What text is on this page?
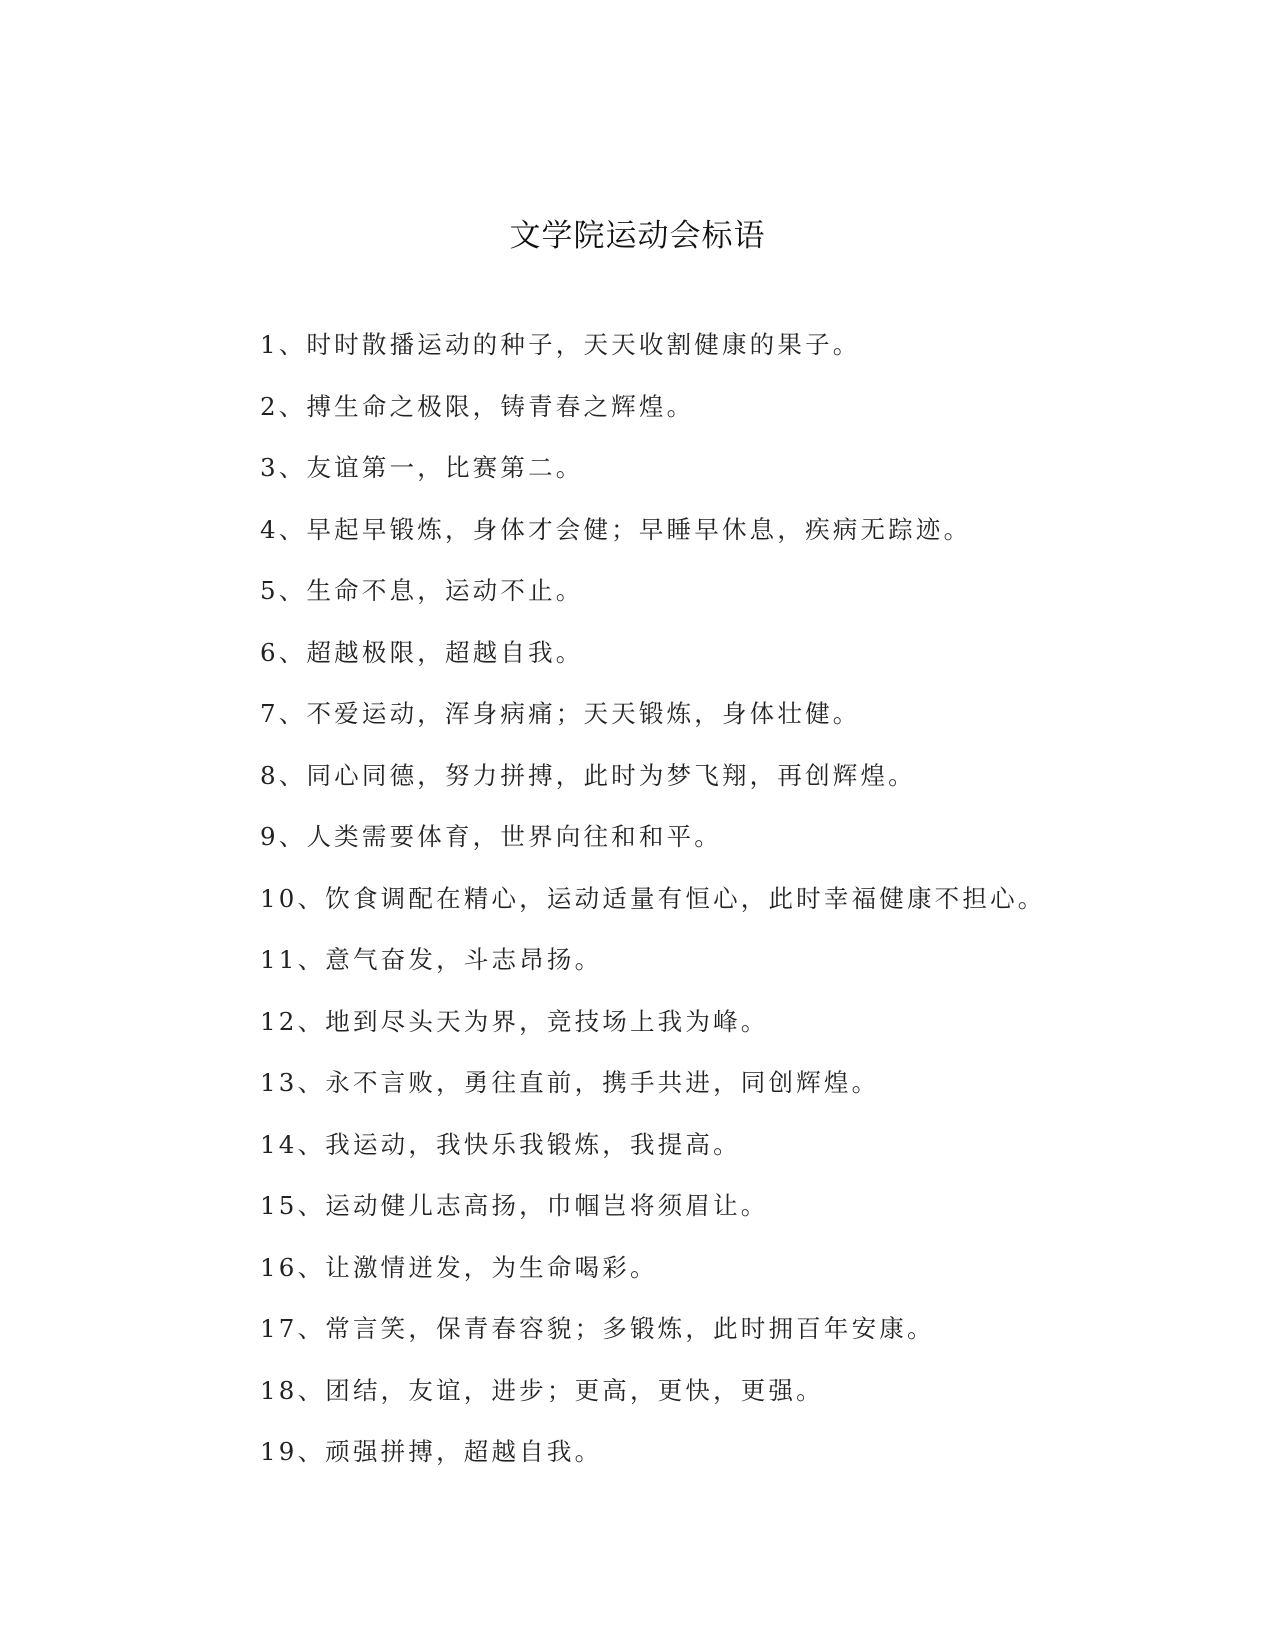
文学院运动会标语
1、时时散播运动的种子，天天收割健康的果子。
2、搏生命之极限，铸青春之辉煌。
3、友谊第一，比赛第二。
4、早起早锻炼，身体才会健；早睡早休息，疾病无踪迹。
5、生命不息，运动不止。
6、超越极限，超越自我。
7、不爱运动，浑身病痛；天天锻炼，身体壮健。
8、同心同德，努力拼搏，此时为梦飞翔，再创辉煌。
9、人类需要体育，世界向往和和平。
10、饮食调配在精心，运动适量有恒心，此时幸福健康不担心。
11、意气奋发，斗志昂扬。
12、地到尽头天为界，竞技场上我为峰。
13、永不言败，勇往直前，携手共进，同创辉煌。
14、我运动，我快乐我锻炼，我提高。
15、运动健儿志高扬，巾帼岂将须眉让。
16、让激情迸发，为生命喝彩。
17、常言笑，保青春容貌；多锻炼，此时拥百年安康。
18、团结，友谊，进步；更高，更快，更强。
19、顽强拼搏，超越自我。
